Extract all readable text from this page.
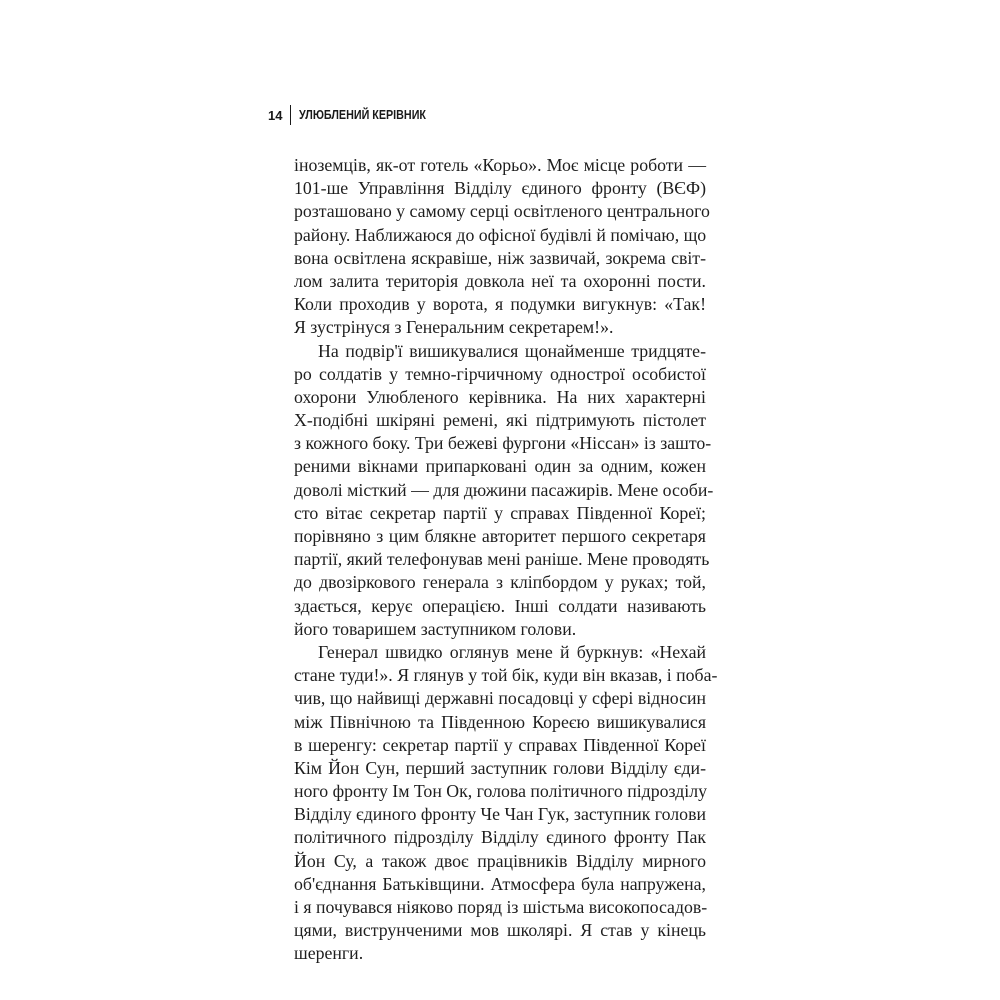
14 УЛЮБЛЕНИЙ КЕРІВНИК
іноземців, як-от готель «Корьо». Моє місце роботи —
101-ше Управління Відділу єдиного фронту (ВЄФ)
розташовано у самому серці освітленого центрального
району. Наближаюся до офісної будівлі й помічаю, що
вона освітлена яскравіше, ніж зазвичай, зокрема світ-
лом залита територія довкола неї та охоронні пости.
Коли проходив у ворота, я подумки вигукнув: «Так!
Я зустрінуся з Генеральним секретарем!».
На подвір'ї вишикувалися щонайменше тридцяте-
ро солдатів у темно-гірчичному однострої особистої
охорони Улюбленого керівника. На них характерні
Х-подібні шкіряні ремені, які підтримують пістолет
з кожного боку. Три бежеві фургони «Ніссан» із зашто-
реними вікнами припарковані один за одним, кожен
доволі місткий — для дюжини пасажирів. Мене особи-
сто вітає секретар партії у справах Південної Кореї;
порівняно з цим блякне авторитет першого секретаря
партії, який телефонував мені раніше. Мене проводять
до двозіркового генерала з кліпбордом у руках; той,
здається, керує операцією. Інші солдати називають
його товаришем заступником голови.
Генерал швидко оглянув мене й буркнув: «Нехай
стане туди!». Я глянув у той бік, куди він вказав, і поба-
чив, що найвищі державні посадовці у сфері відносин
між Північною та Південною Кореєю вишикувалися
в шеренгу: секретар партії у справах Південної Кореї
Кім Йон Сун, перший заступник голови Відділу єди-
ного фронту Ім Тон Ок, голова політичного підрозділу
Відділу єдиного фронту Че Чан Гук, заступник голови
політичного підрозділу Відділу єдиного фронту Пак
Йон Су, а також двоє працівників Відділу мирного
об'єднання Батьківщини. Атмосфера була напружена,
і я почувався ніяково поряд із шістьма високопосадов-
цями, виструнченими мов школярі. Я став у кінець
шеренги.
